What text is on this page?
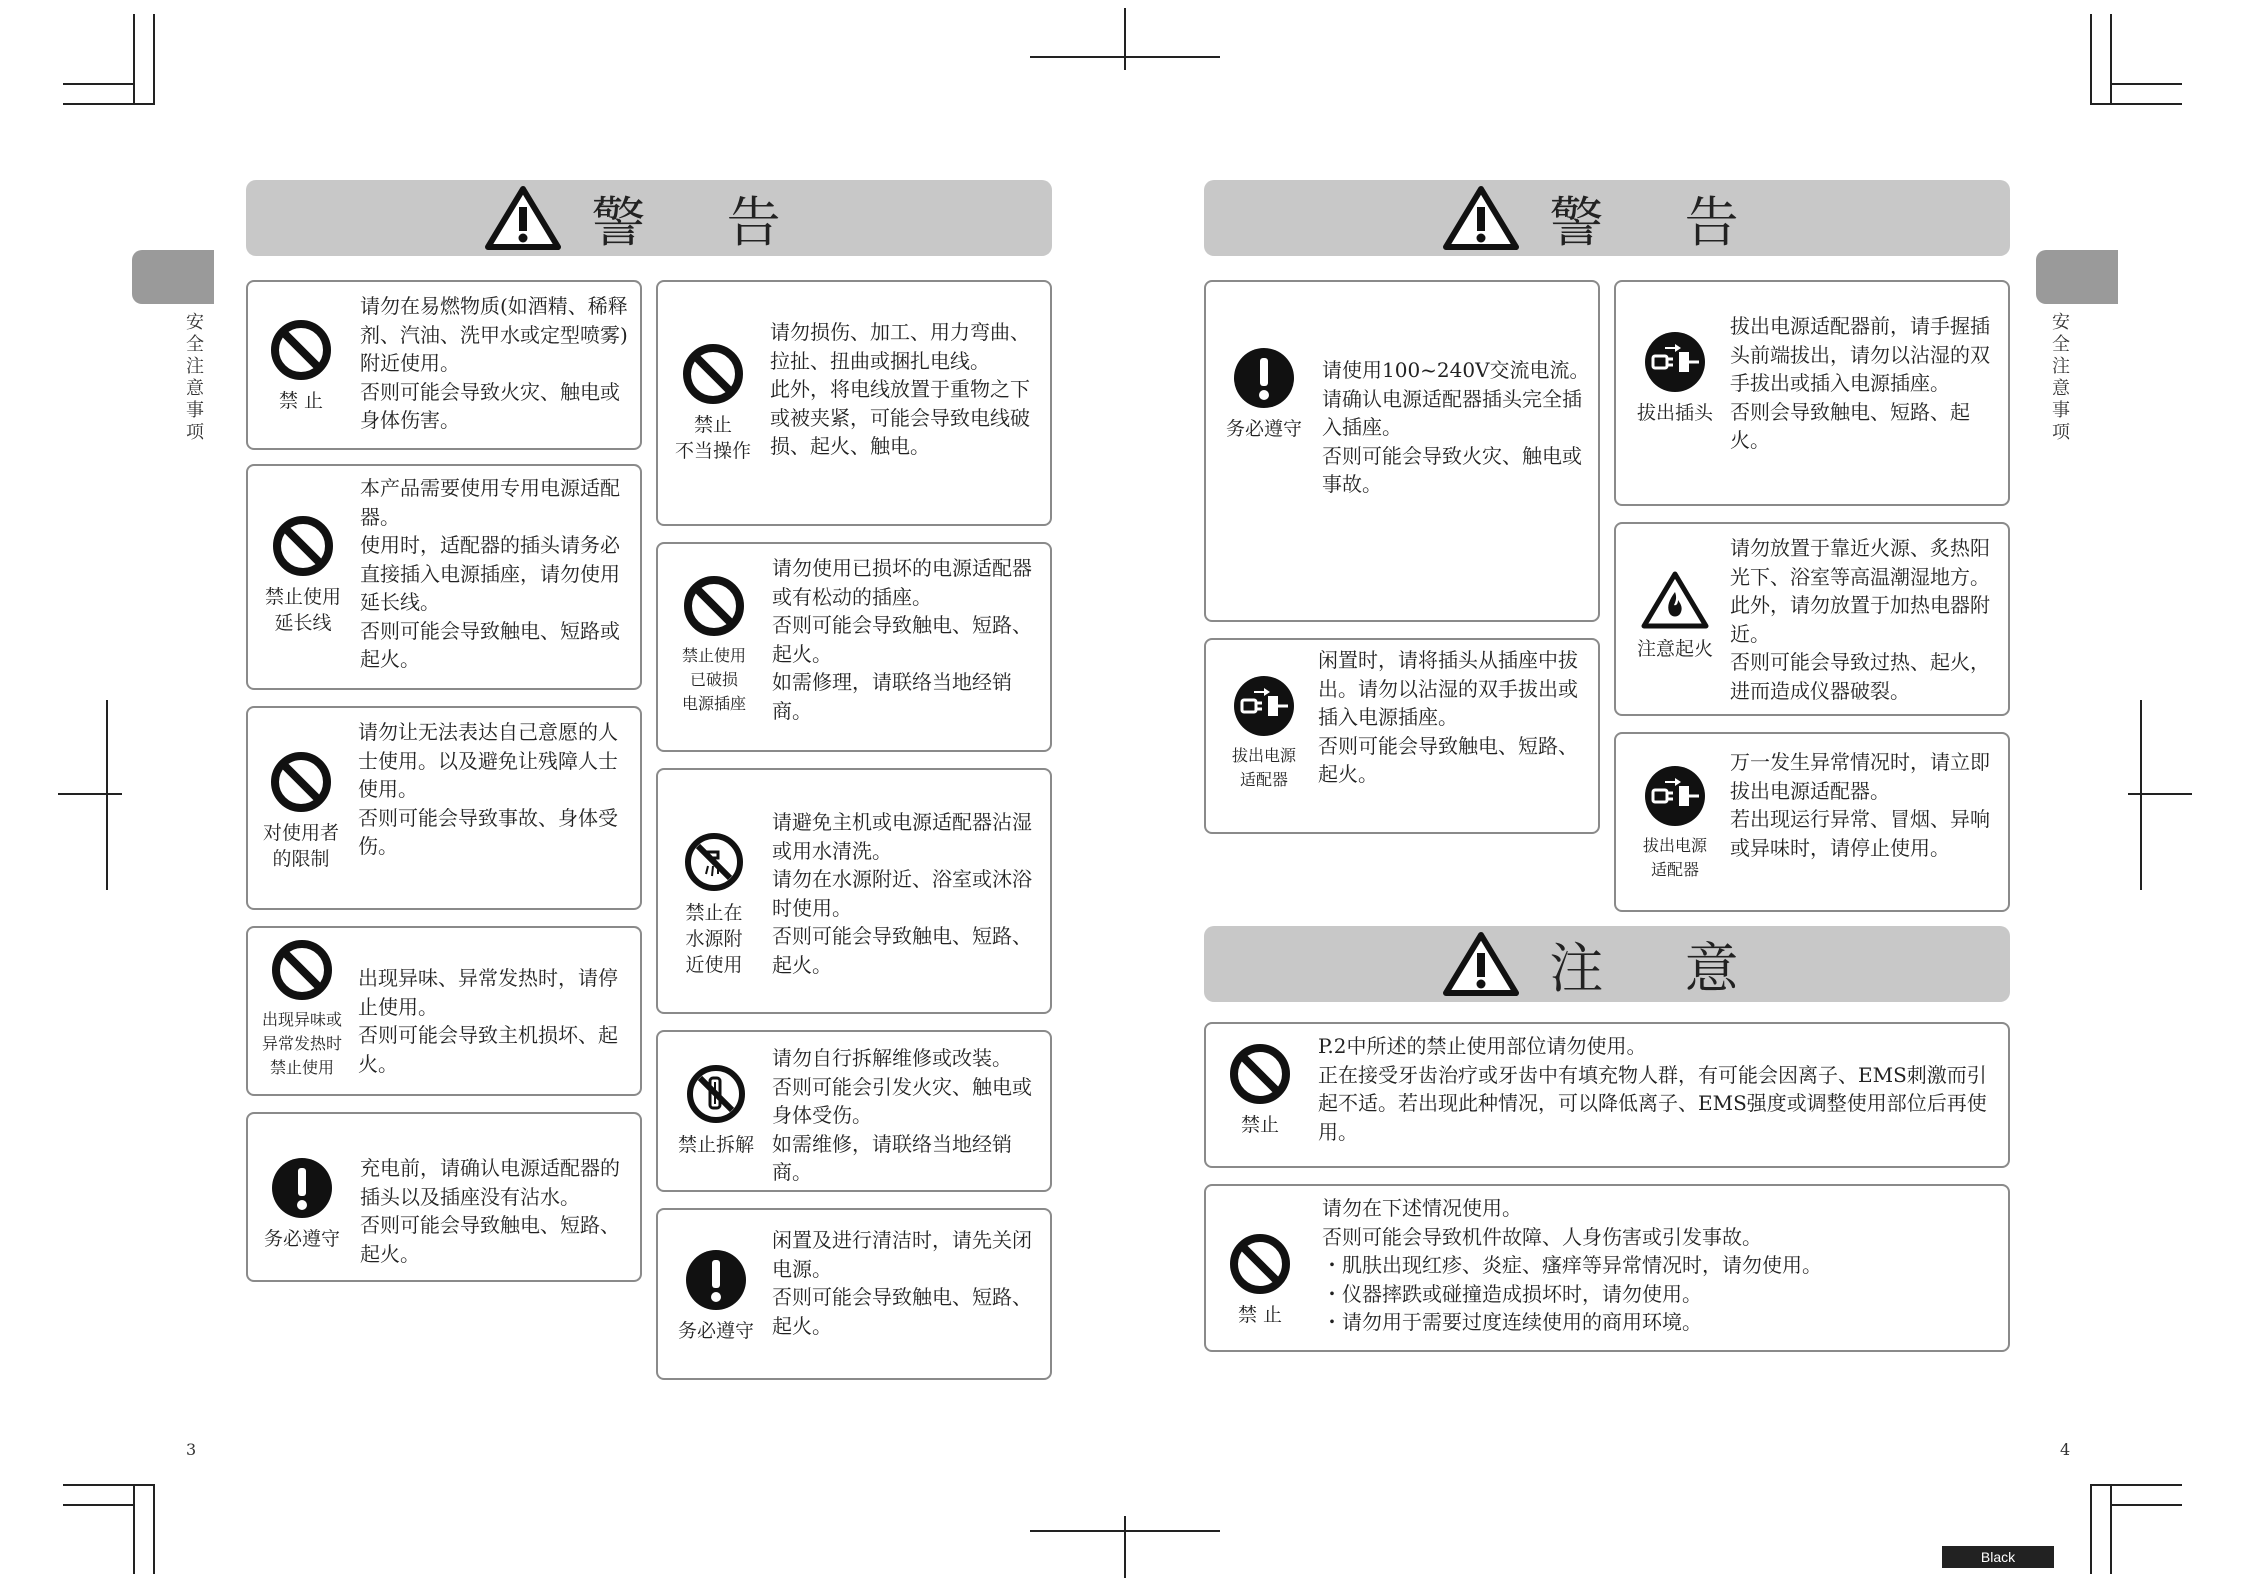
安全注意事项	安全注意事项
3	4
Black
警 告
禁 止

请勿在易燃物质(如酒精、稀释剂、汽油、洗甲水或定型喷雾)附近使用。

否则可能会导致火灾、触电或身体伤害。

禁止使用
延长线

本产品需要使用专用电源适配器。

使用时，适配器的插头请务必直接插入电源插座，请勿使用延长线。

否则可能会导致触电、短路或起火。

对使用者
的限制

请勿让无法表达自己意愿的人士使用。以及避免让残障人士使用。

否则可能会导致事故、身体受伤。

出现异味或
异常发热时
禁止使用

出现异味、异常发热时，请停止使用。

否则可能会导致主机损坏、起火。

务必遵守

充电前，请确认电源适配器的插头以及插座没有沾水。

否则可能会导致触电、短路、起火。

禁止
不当操作

请勿损伤、加工、用力弯曲、拉扯、扭曲或捆扎电线。

此外，将电线放置于重物之下或被夹紧，可能会导致电线破损、起火、触电。

禁止使用
已破损
电源插座

请勿使用已损坏的电源适配器或有松动的插座。

否则可能会导致触电、短路、起火。

如需修理，请联络当地经销商。

禁止在
水源附
近使用

请避免主机或电源适配器沾湿或用水清洗。

请勿在水源附近、浴室或沐浴时使用。

否则可能会导致触电、短路、起火。

禁止拆解

请勿自行拆解维修或改装。

否则可能会引发火灾、触电或身体受伤。

如需维修，请联络当地经销商。

务必遵守

闲置及进行清洁时，请先关闭电源。

否则可能会导致触电、短路、起火。

警 告
务必遵守

请使用100~240V交流电流。请确认电源适配器插头完全插入插座。

否则可能会导致火灾、触电或事故。

拔出电源
适配器

闲置时，请将插头从插座中拔出。请勿以沾湿的双手拔出或插入电源插座。

否则可能会导致触电、短路、起火。

拔出插头

拔出电源适配器前，请手握插头前端拔出，请勿以沾湿的双手拔出或插入电源插座。

否则会导致触电、短路、起火。

注意起火

请勿放置于靠近火源、炙热阳光下、浴室等高温潮湿地方。此外，请勿放置于加热电器附近。

否则可能会导致过热、起火，进而造成仪器破裂。

拔出电源
适配器

万一发生异常情况时，请立即拔出电源适配器。

若出现运行异常、冒烟、异响或异味时，请停止使用。

注 意
禁止

P.2中所述的禁止使用部位请勿使用。

正在接受牙齿治疗或牙齿中有填充物人群，有可能会因离子、EMS刺激而引起不适。若出现此种情况，可以降低离子、EMS强度或调整使用部位后再使用。

禁 止

请勿在下述情况使用。

否则可能会导致机件故障、人身伤害或引发事故。

・肌肤出现红疹、炎症、瘙痒等异常情况时，请勿使用。

・仪器摔跌或碰撞造成损坏时，请勿使用。

・请勿用于需要过度连续使用的商用环境。
